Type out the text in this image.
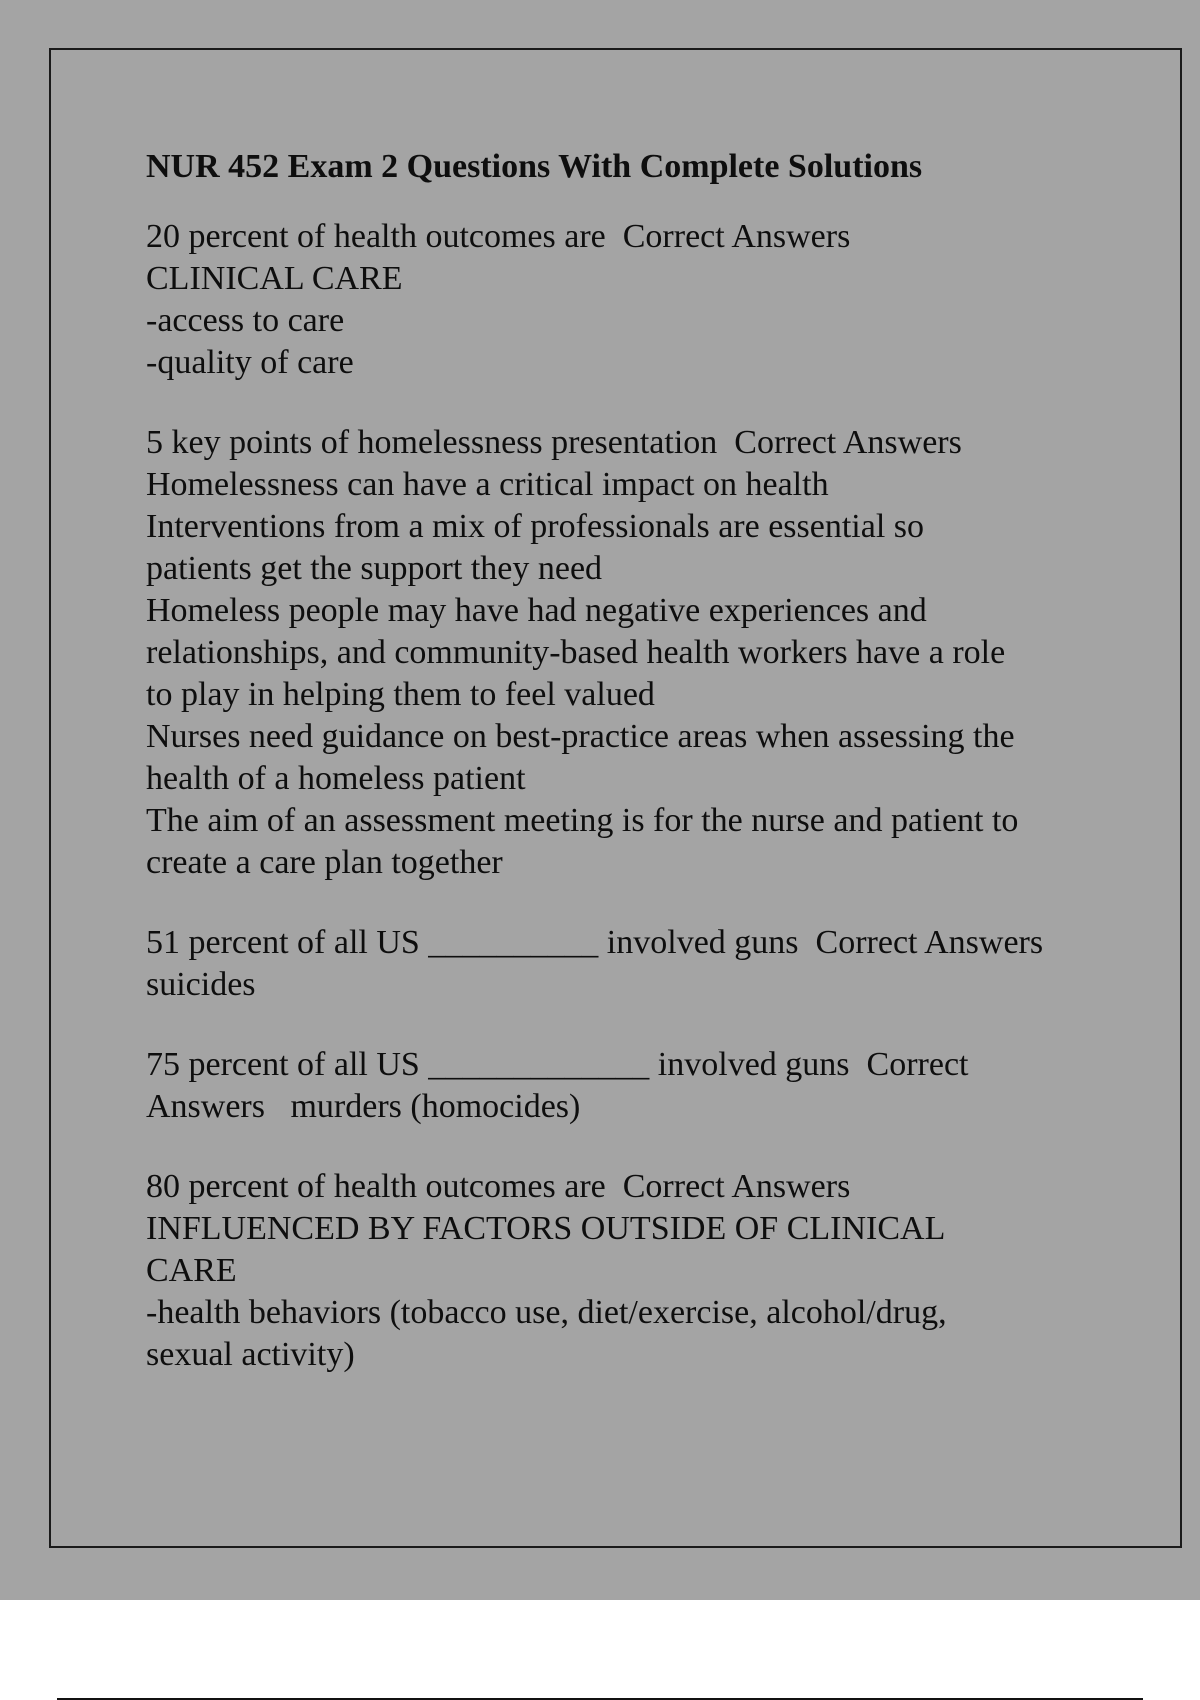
NUR 452 Exam 2 Questions With Complete Solutions
20 percent of health outcomes are  Correct Answers
CLINICAL CARE
-access to care
-quality of care
5 key points of homelessness presentation  Correct Answers
Homelessness can have a critical impact on health
Interventions from a mix of professionals are essential so
patients get the support they need
Homeless people may have had negative experiences and
relationships, and community-based health workers have a role
to play in helping them to feel valued
Nurses need guidance on best-practice areas when assessing the
health of a homeless patient
The aim of an assessment meeting is for the nurse and patient to
create a care plan together
51 percent of all US __________ involved guns  Correct Answers
suicides
75 percent of all US _____________ involved guns  Correct
Answers   murders (homocides)
80 percent of health outcomes are  Correct Answers
INFLUENCED BY FACTORS OUTSIDE OF CLINICAL
CARE
-health behaviors (tobacco use, diet/exercise, alcohol/drug,
sexual activity)
